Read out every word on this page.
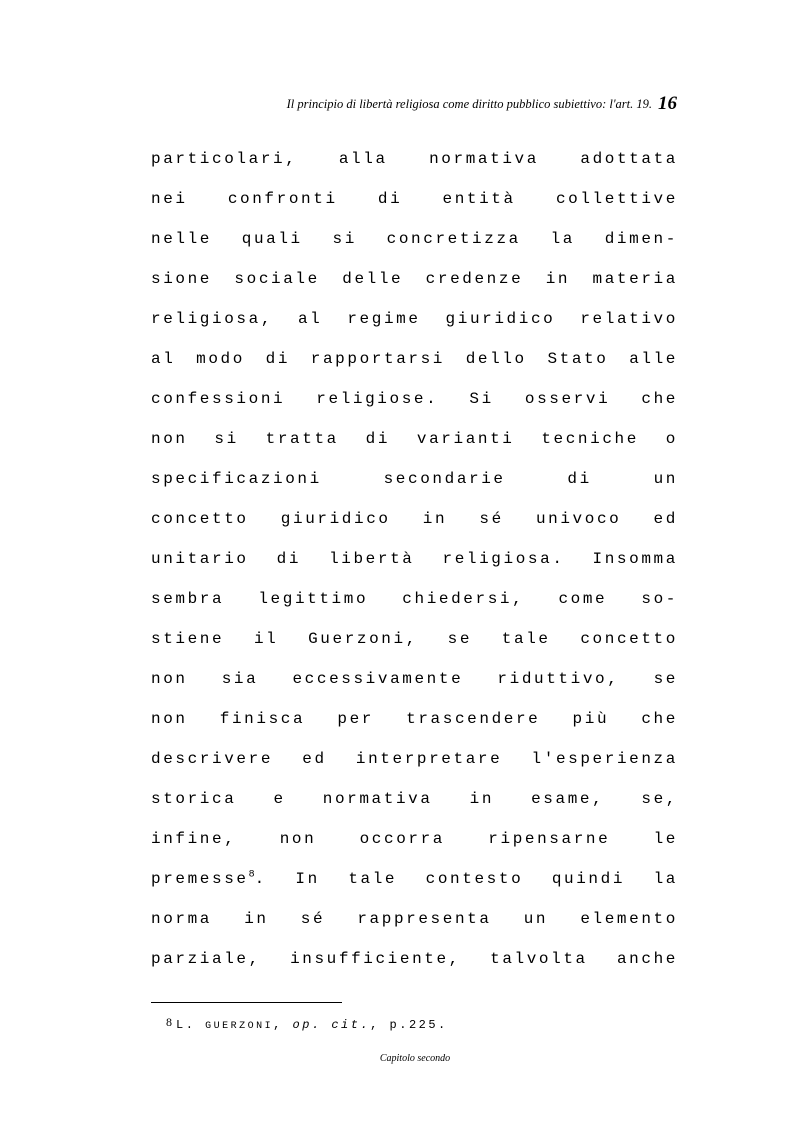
Il principio di libertà religiosa come diritto pubblico subiettivo: l'art. 19. 16
particolari,	alla	normativa	adottata
nei	confronti	di	entità	collettive
nelle quali si concretizza la dimen-
sione sociale delle credenze in materia
religiosa, al regime giuridico relativo
al modo di rapportarsi dello Stato alle
confessioni religiose. Si osservi che
non si tratta di varianti tecniche o
specificazioni	secondarie	di	un
concetto giuridico in sé univoco ed
unitario di libertà religiosa. Insomma
sembra legittimo chiedersi, come so-
stiene il Guerzoni, se tale concetto
non sia eccessivamente riduttivo, se
non finisca per trascendere più che
descrivere ed interpretare l'esperienza
storica e normativa in esame, se,
infine,	non	occorra	ripensarne	le
premesse$^8$. In tale contesto quindi la
norma in sé rappresenta un elemento
parziale, insufficiente, talvolta anche
8 L. GUERZONI, op. cit., p.225.
Capitolo secondo
